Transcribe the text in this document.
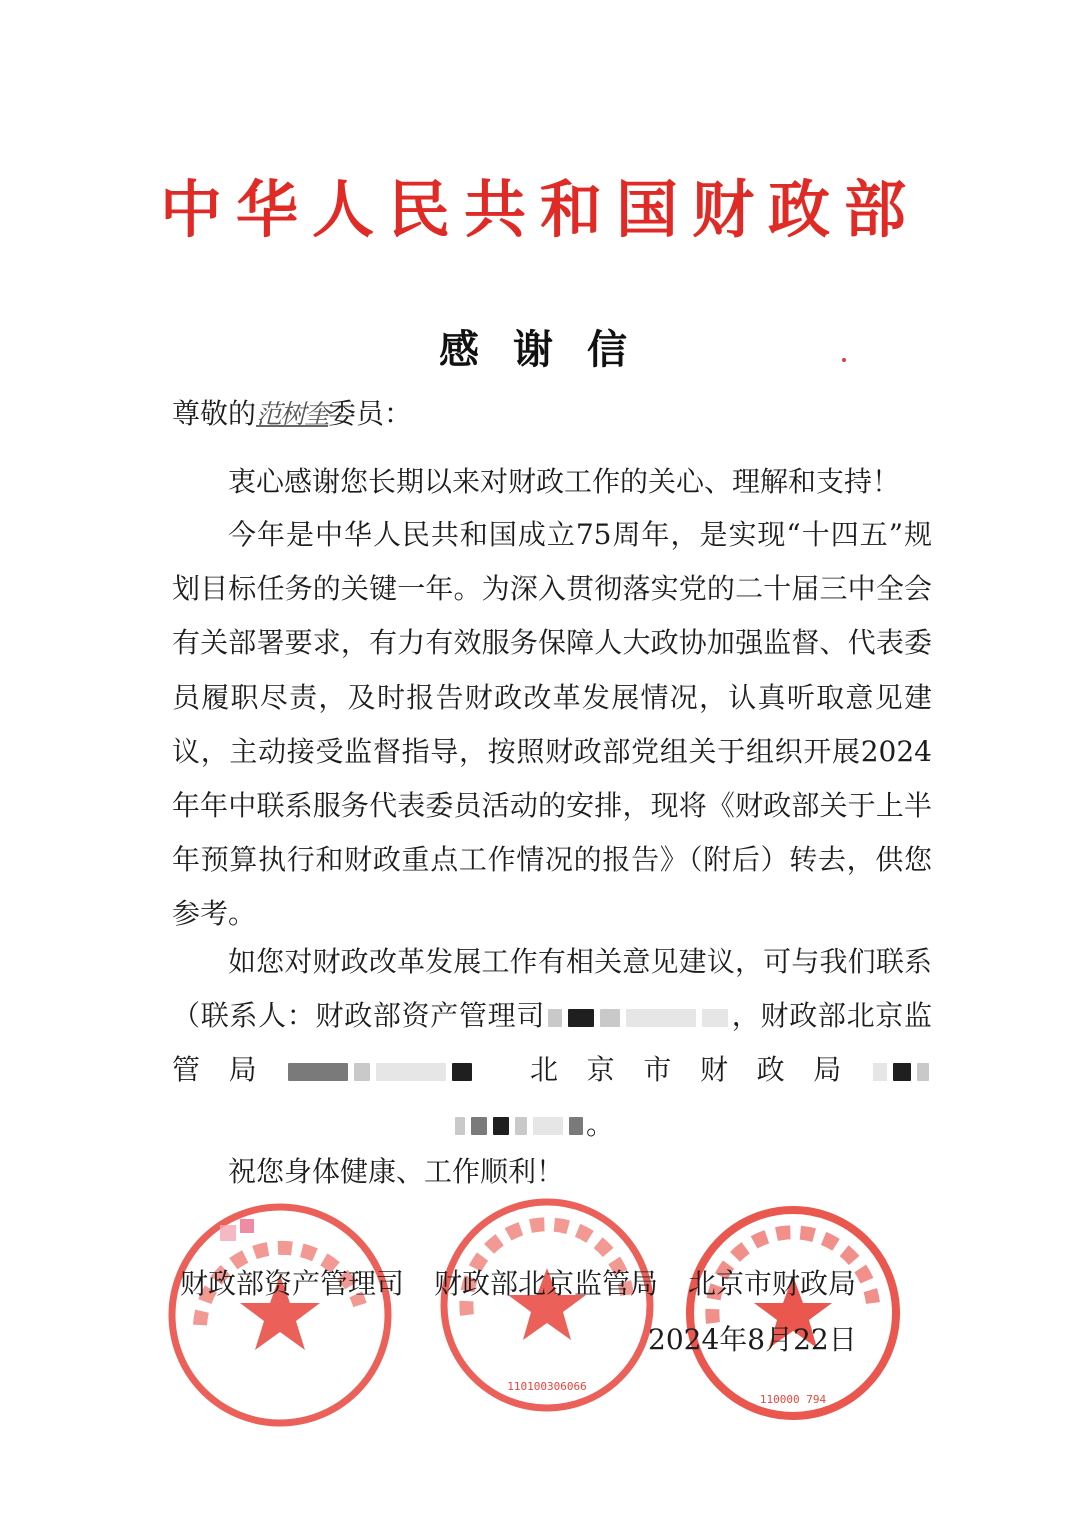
中华人民共和国财政部
感谢信
尊敬的范树奎委员：
衷心感谢您长期以来对财政工作的关心、理解和支持！
今年是中华人民共和国成立75周年，是实现“十四五”规划目标任务的关键一年。为深入贯彻落实党的二十届三中全会有关部署要求，有力有效服务保障人大政协加强监督、代表委员履职尽责，及时报告财政改革发展情况，认真听取意见建议，主动接受监督指导，按照财政部党组关于组织开展2024年年中联系服务代表委员活动的安排，现将《财政部关于上半年预算执行和财政重点工作情况的报告》（附后）转去，供您参考。
如您对财政改革发展工作有相关意见建议，可与我们联系（联系人：财政部资产管理司	，财政部北京监管局	北京市财政局。
祝您身体健康、工作顺利！
110100306066
110000 794
财政部资产管理司 财政部北京监管局 北京市财政局
2024年8月22日
